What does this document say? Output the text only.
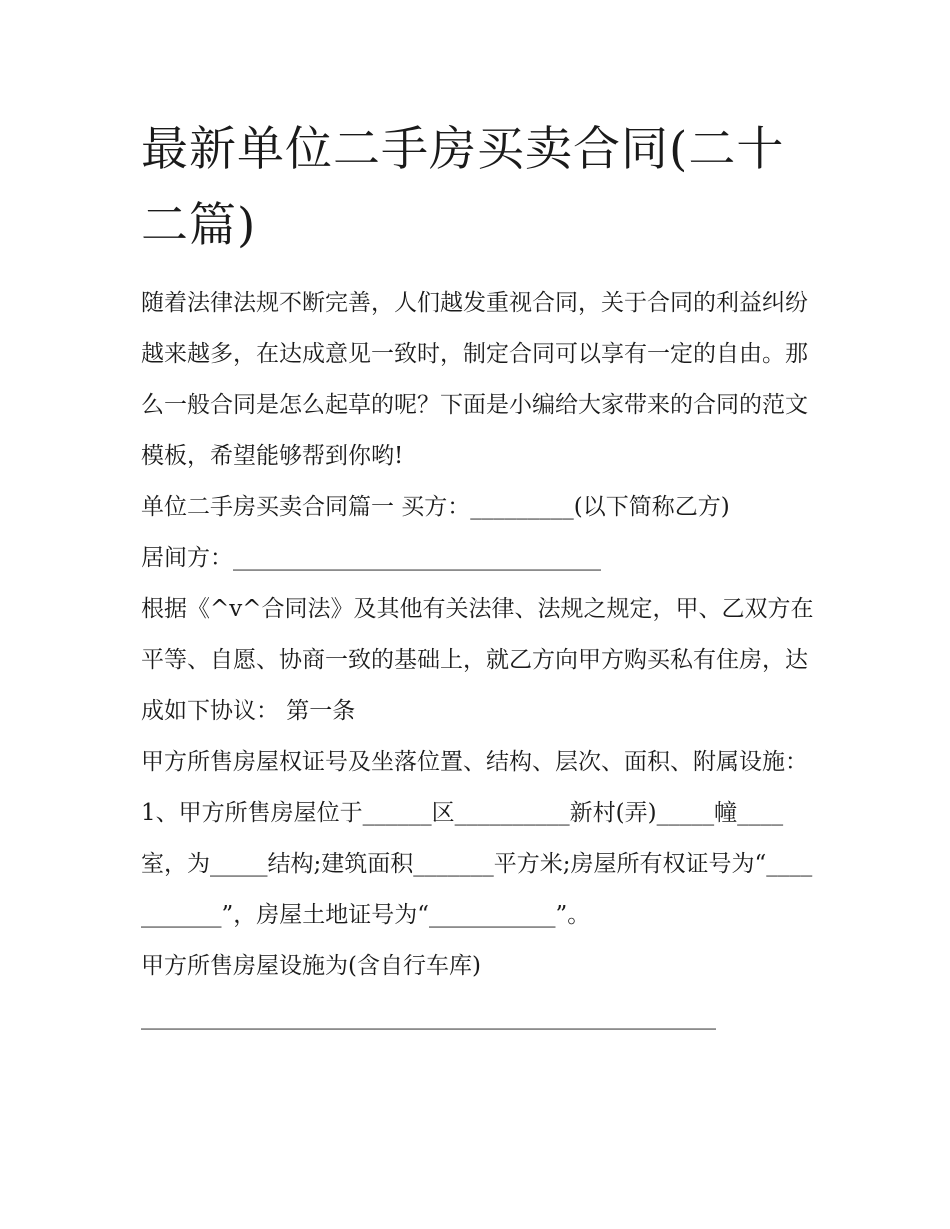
最新单位二手房买卖合同(二十二篇)

随着法律法规不断完善，人们越发重视合同，关于合同的利益纠纷越来越多，在达成意见一致时，制定合同可以享有一定的自由。那么一般合同是怎么起草的呢？下面是小编给大家带来的合同的范文模板，希望能够帮到你哟!

单位二手房买卖合同篇一 买方：_________(以下简称乙方)

居间方：________________________________

根据《^v^合同法》及其他有关法律、法规之规定，甲、乙双方在平等、自愿、协商一致的基础上，就乙方向甲方购买私有住房，达成如下协议： 第一条

甲方所售房屋权证号及坐落位置、结构、层次、面积、附属设施：

1、甲方所售房屋位于______区__________新村(弄)_____幢____室，为_____结构;建筑面积_______平方米;房屋所有权证号为“___________”，房屋土地证号为“___________”。

甲方所售房屋设施为(含自行车库)

__________________________________________________
